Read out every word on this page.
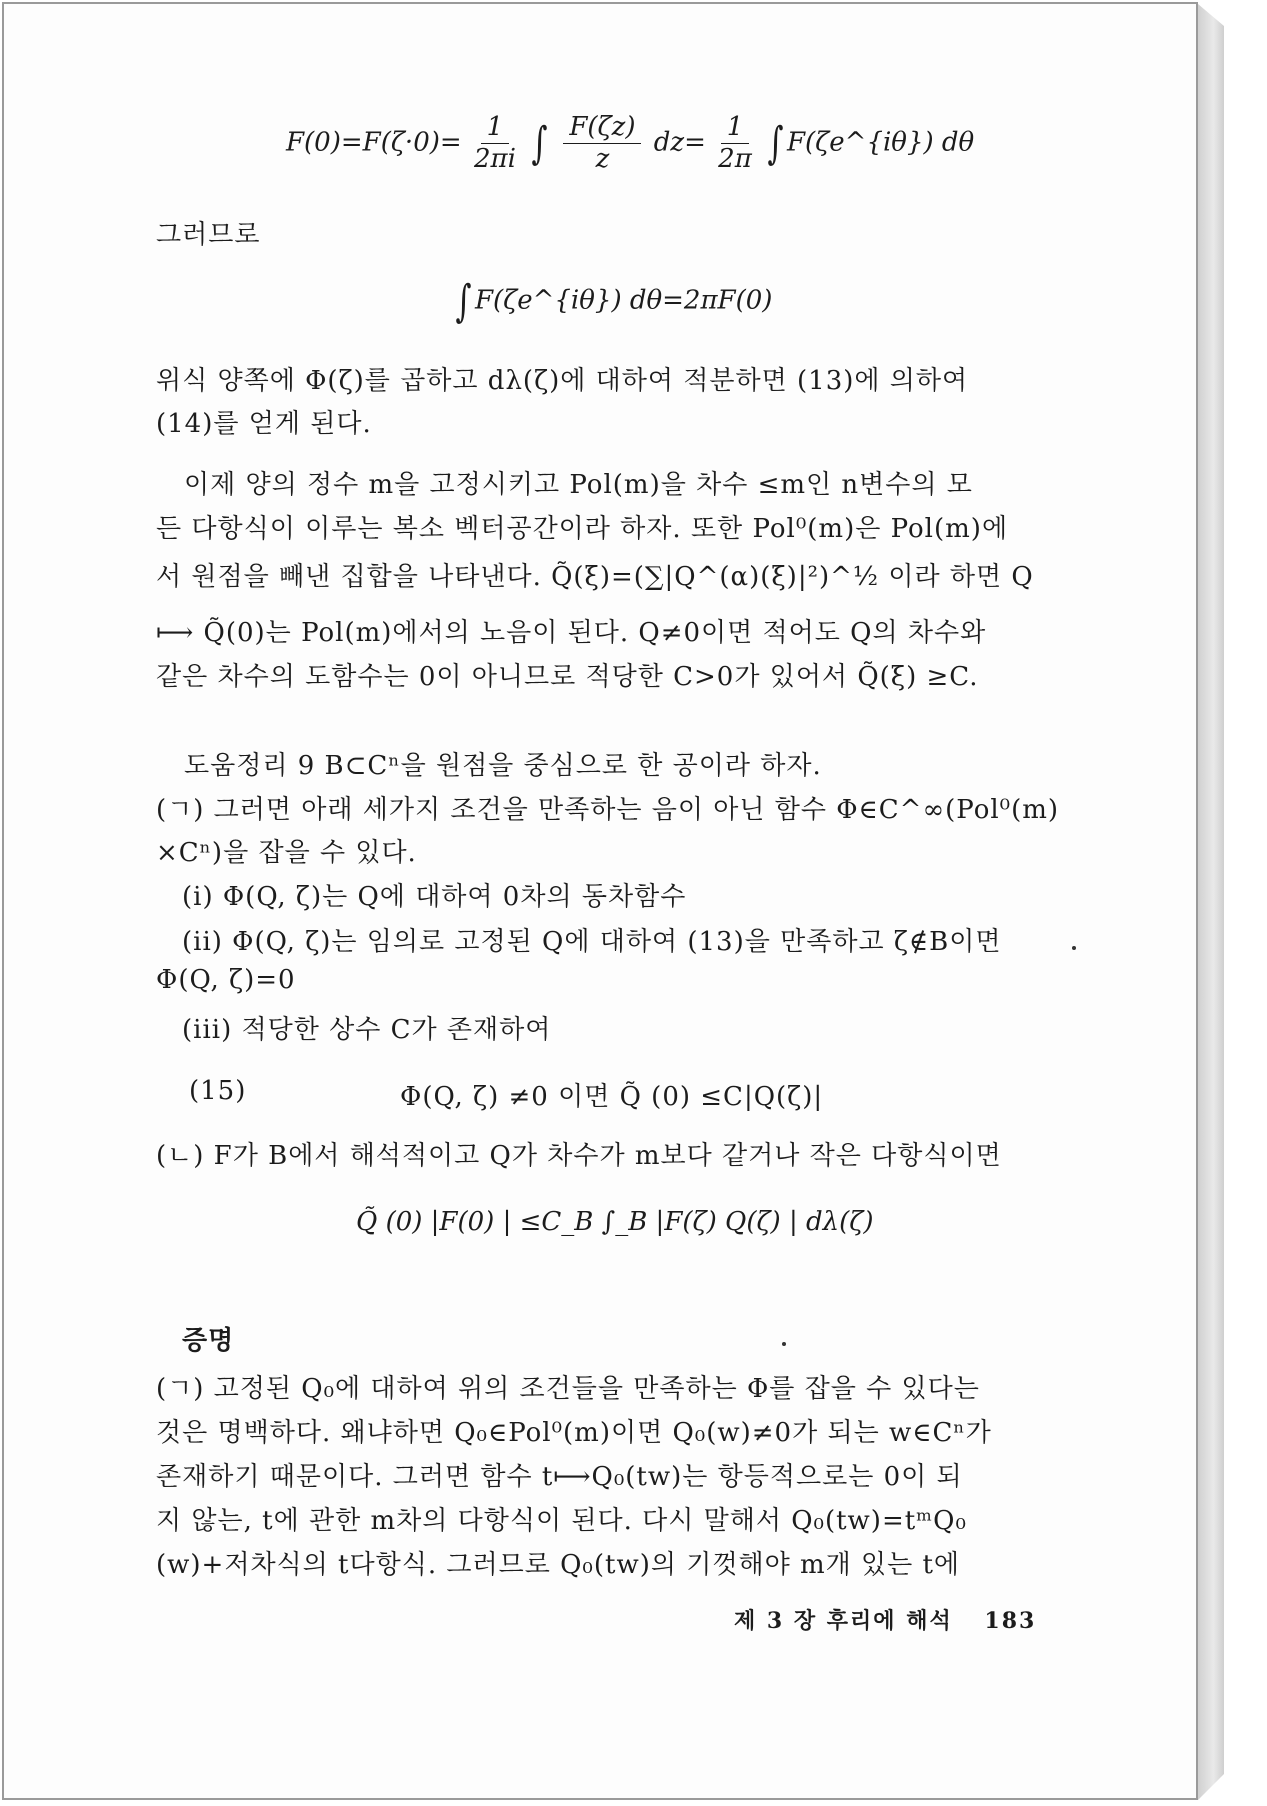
$F(0)=F(\zeta\cdot 0)= \frac{1}{2\pi i}$ ∫ $\frac{F(\zeta z)}{z} dz= \frac{1}{2\pi}$ ∫ F(ζe^{iθ}) dθ
그러므로
∫ F(ζe^{iθ}) dθ=2πF(0)
위식 양쪽에 Φ(ζ)를 곱하고 dλ(ζ)에 대하여 적분하면 (13)에 의하여
(14)를 얻게 된다.
이제 양의 정수 m을 고정시키고 Pol(m)을 차수 ≤m인 n변수의 모
든 다항식이 이루는 복소 벡터공간이라 하자. 또한 Pol⁰(m)은 Pol(m)에
서 원점을 빼낸 집합을 나타낸다. Q̃(ξ)=(∑|Q^(α)(ξ)|²)^½ 이라 하면 Q
⟼ Q̃(0)는 Pol(m)에서의 노음이 된다. Q≠0이면 적어도 Q의 차수와
같은 차수의 도함수는 0이 아니므로 적당한 C>0가 있어서 Q̃(ξ) ≥C.
도움정리 9 B⊂Cⁿ을 원점을 중심으로 한 공이라 하자.
(ㄱ) 그러면 아래 세가지 조건을 만족하는 음이 아닌 함수 Φ∈C^∞(Pol⁰(m)
×Cⁿ)을 잡을 수 있다.
(i) Φ(Q, ζ)는 Q에 대하여 0차의 동차함수
(ii) Φ(Q, ζ)는 임의로 고정된 Q에 대하여 (13)을 만족하고 ζ∉B이면
Φ(Q, ζ)=0
(iii) 적당한 상수 C가 존재하여
(15)	Φ(Q, ζ) ≠0 이면 Q̃ (0) ≤C|Q(ζ)|
(ㄴ) F가 B에서 해석적이고 Q가 차수가 m보다 같거나 작은 다항식이면
Q̃ (0) |F(0) | ≤C_B ∫_B |F(ζ) Q(ζ) | dλ(ζ)
증명
(ㄱ) 고정된 Q₀에 대하여 위의 조건들을 만족하는 Φ를 잡을 수 있다는
것은 명백하다. 왜냐하면 Q₀∈Pol⁰(m)이면 Q₀(w)≠0가 되는 w∈Cⁿ가
존재하기 때문이다. 그러면 함수 t⟼Q₀(tw)는 항등적으로는 0이 되
지 않는, t에 관한 m차의 다항식이 된다. 다시 말해서 Q₀(tw)=tᵐQ₀
(w)+저차식의 t다항식. 그러므로 Q₀(tw)의 기껏해야 m개 있는 t에
제 3 장 후리에 해석 183
